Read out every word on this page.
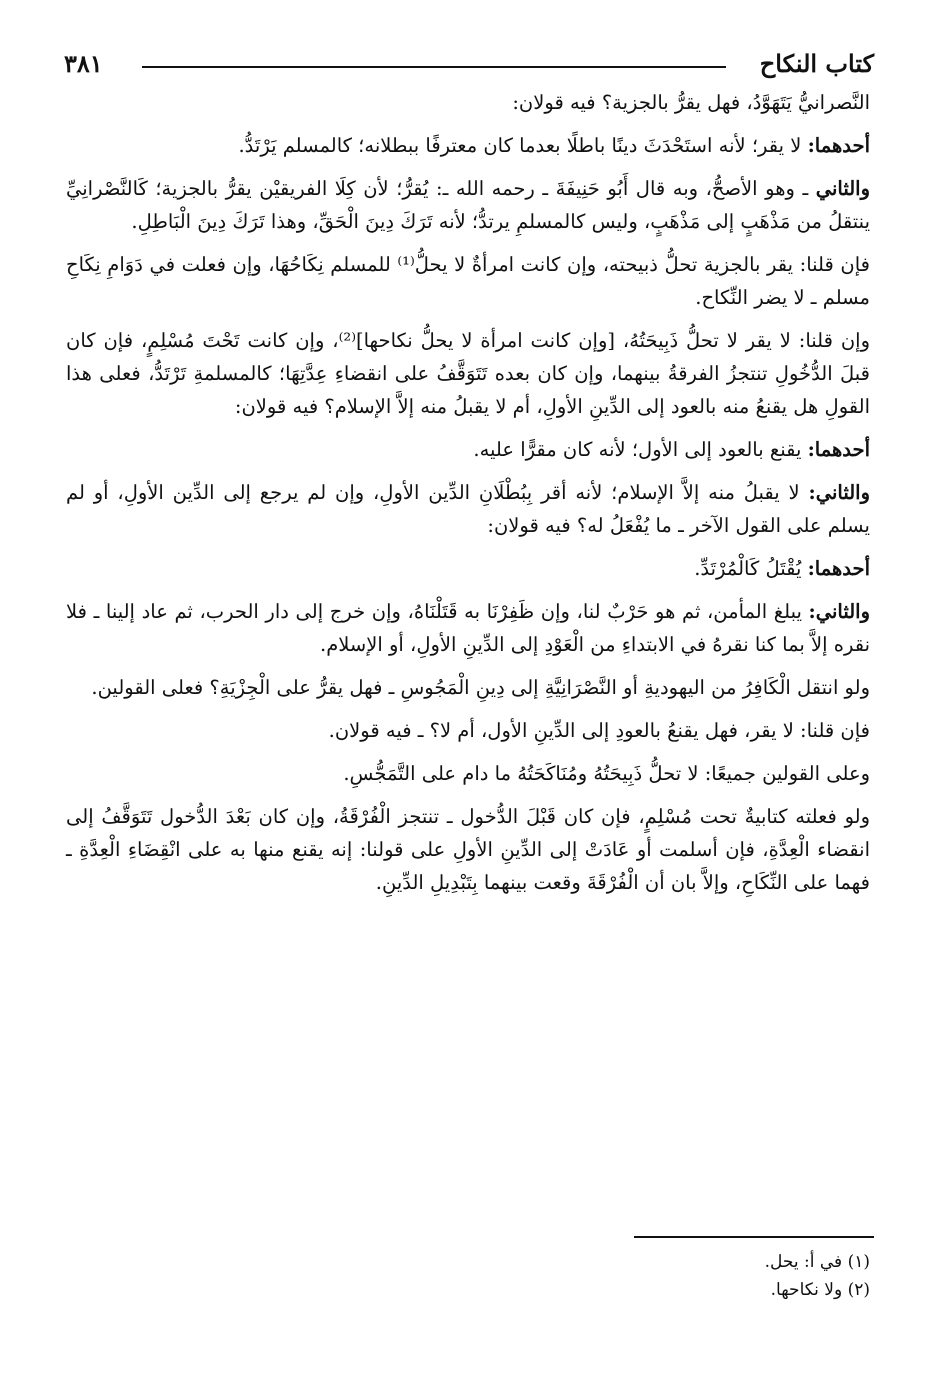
كتاب النكاح
٣٨١

النَّصرانيُّ يَتَهَوَّدُ، فهل يقرُّ بالجزية؟ فيه قولان:

أحدهما: لا يقر؛ لأنه استَحْدَثَ دينًا باطلًا بعدما كان معترفًا ببطلانه؛ كالمسلم يَرْتَدُّ.

والثاني ـ وهو الأصحُّ، وبه قال أَبُو حَنِيفَةَ ـ رحمه الله ـ: يُقرُّ؛ لأن كِلَا الفريقيْن يقرُّ بالجزية؛ كَالنَّصْرانِيِّ ينتقلُ من مَذْهَبٍ إلى مَذْهَبٍ، وليس كالمسلمِ يرتدُّ؛ لأنه تَرَكَ دِينَ الْحَقِّ، وهذا تَرَكَ دِينَ الْبَاطِلِ.

فإن قلنا: يقر بالجزية تحلُّ ذبيحته، وإن كانت امرأةٌ لا يحلُّ⁽¹⁾ للمسلم نِكَاحُهَا، وإن فعلت في دَوَامِ نِكَاحِ مسلم ـ لا يضر النِّكاح.

وإن قلنا: لا يقر لا تحلُّ ذَبِيحَتُهُ، [وإن كانت امرأة لا يحلُّ نكاحها]⁽²⁾، وإن كانت تَحْتَ مُسْلِمٍ، فإن كان قبلَ الدُّخُولِ تنتجزُ الفرقةُ بينهما، وإن كان بعده تَتَوَقَّفُ على انقضاءِ عِدَّتِهَا؛ كالمسلمةِ تَرْتَدُّ، فعلى هذا القولِ هل يقنعُ منه بالعود إلى الدِّينِ الأولِ، أم لا يقبلُ منه إلاَّ الإسلام؟ فيه قولان:

أحدهما: يقنع بالعود إلى الأول؛ لأنه كان مقرًّا عليه.

والثاني: لا يقبلُ منه إلاَّ الإسلام؛ لأنه أقر بِبُطْلَانِ الدِّين الأولِ، وإن لم يرجع إلى الدِّين الأولِ، أو لم يسلم على القول الآخر ـ ما يُفْعَلُ له؟ فيه قولان:

أحدهما: يُقْتَلُ كَالْمُرْتَدِّ.

والثاني: يبلغ المأمن، ثم هو حَرْبٌ لنا، وإن ظَفِرْنَا به قَتَلْنَاهُ، وإن خرج إلى دار الحرب، ثم عاد إلينا ـ فلا نقره إلاَّ بما كنا نقرهُ في الابتداءِ من الْعَوْدِ إلى الدِّينِ الأولِ، أو الإسلام.

ولو انتقل الْكَافِرُ من اليهوديةِ أو النَّصْرَانِيَّةِ إلى دِينِ الْمَجُوسِ ـ فهل يقرُّ على الْجِزْيَةِ؟ فعلى القولين.

فإن قلنا: لا يقر، فهل يقنعُ بالعودِ إلى الدِّينِ الأول، أم لا؟ ـ فيه قولان.

وعلى القولين جميعًا: لا تحلُّ ذَبِيحَتُهُ ومُنَاكَحَتُهُ ما دام على التَّمَجُّسِ.

ولو فعلته كتابيةٌ تحت مُسْلِمٍ، فإن كان قَبْلَ الدُّخول ـ تنتجز الْفُرْقَةُ، وإن كان بَعْدَ الدُّخول تَتَوَقَّفُ إلى انقضاء الْعِدَّةِ، فإن أسلمت أو عَادَتْ إلى الدِّينِ الأولِ على قولنا: إنه يقنع منها به على انْقِضَاءِ الْعِدَّةِ ـ فهما على النِّكَاحِ، وإلاَّ بان أن الْفُرْقَةَ وقعت بينهما بِتَبْدِيلِ الدِّينِ.

(١) في أ: يحل.
(٢) ولا نكاحها.
